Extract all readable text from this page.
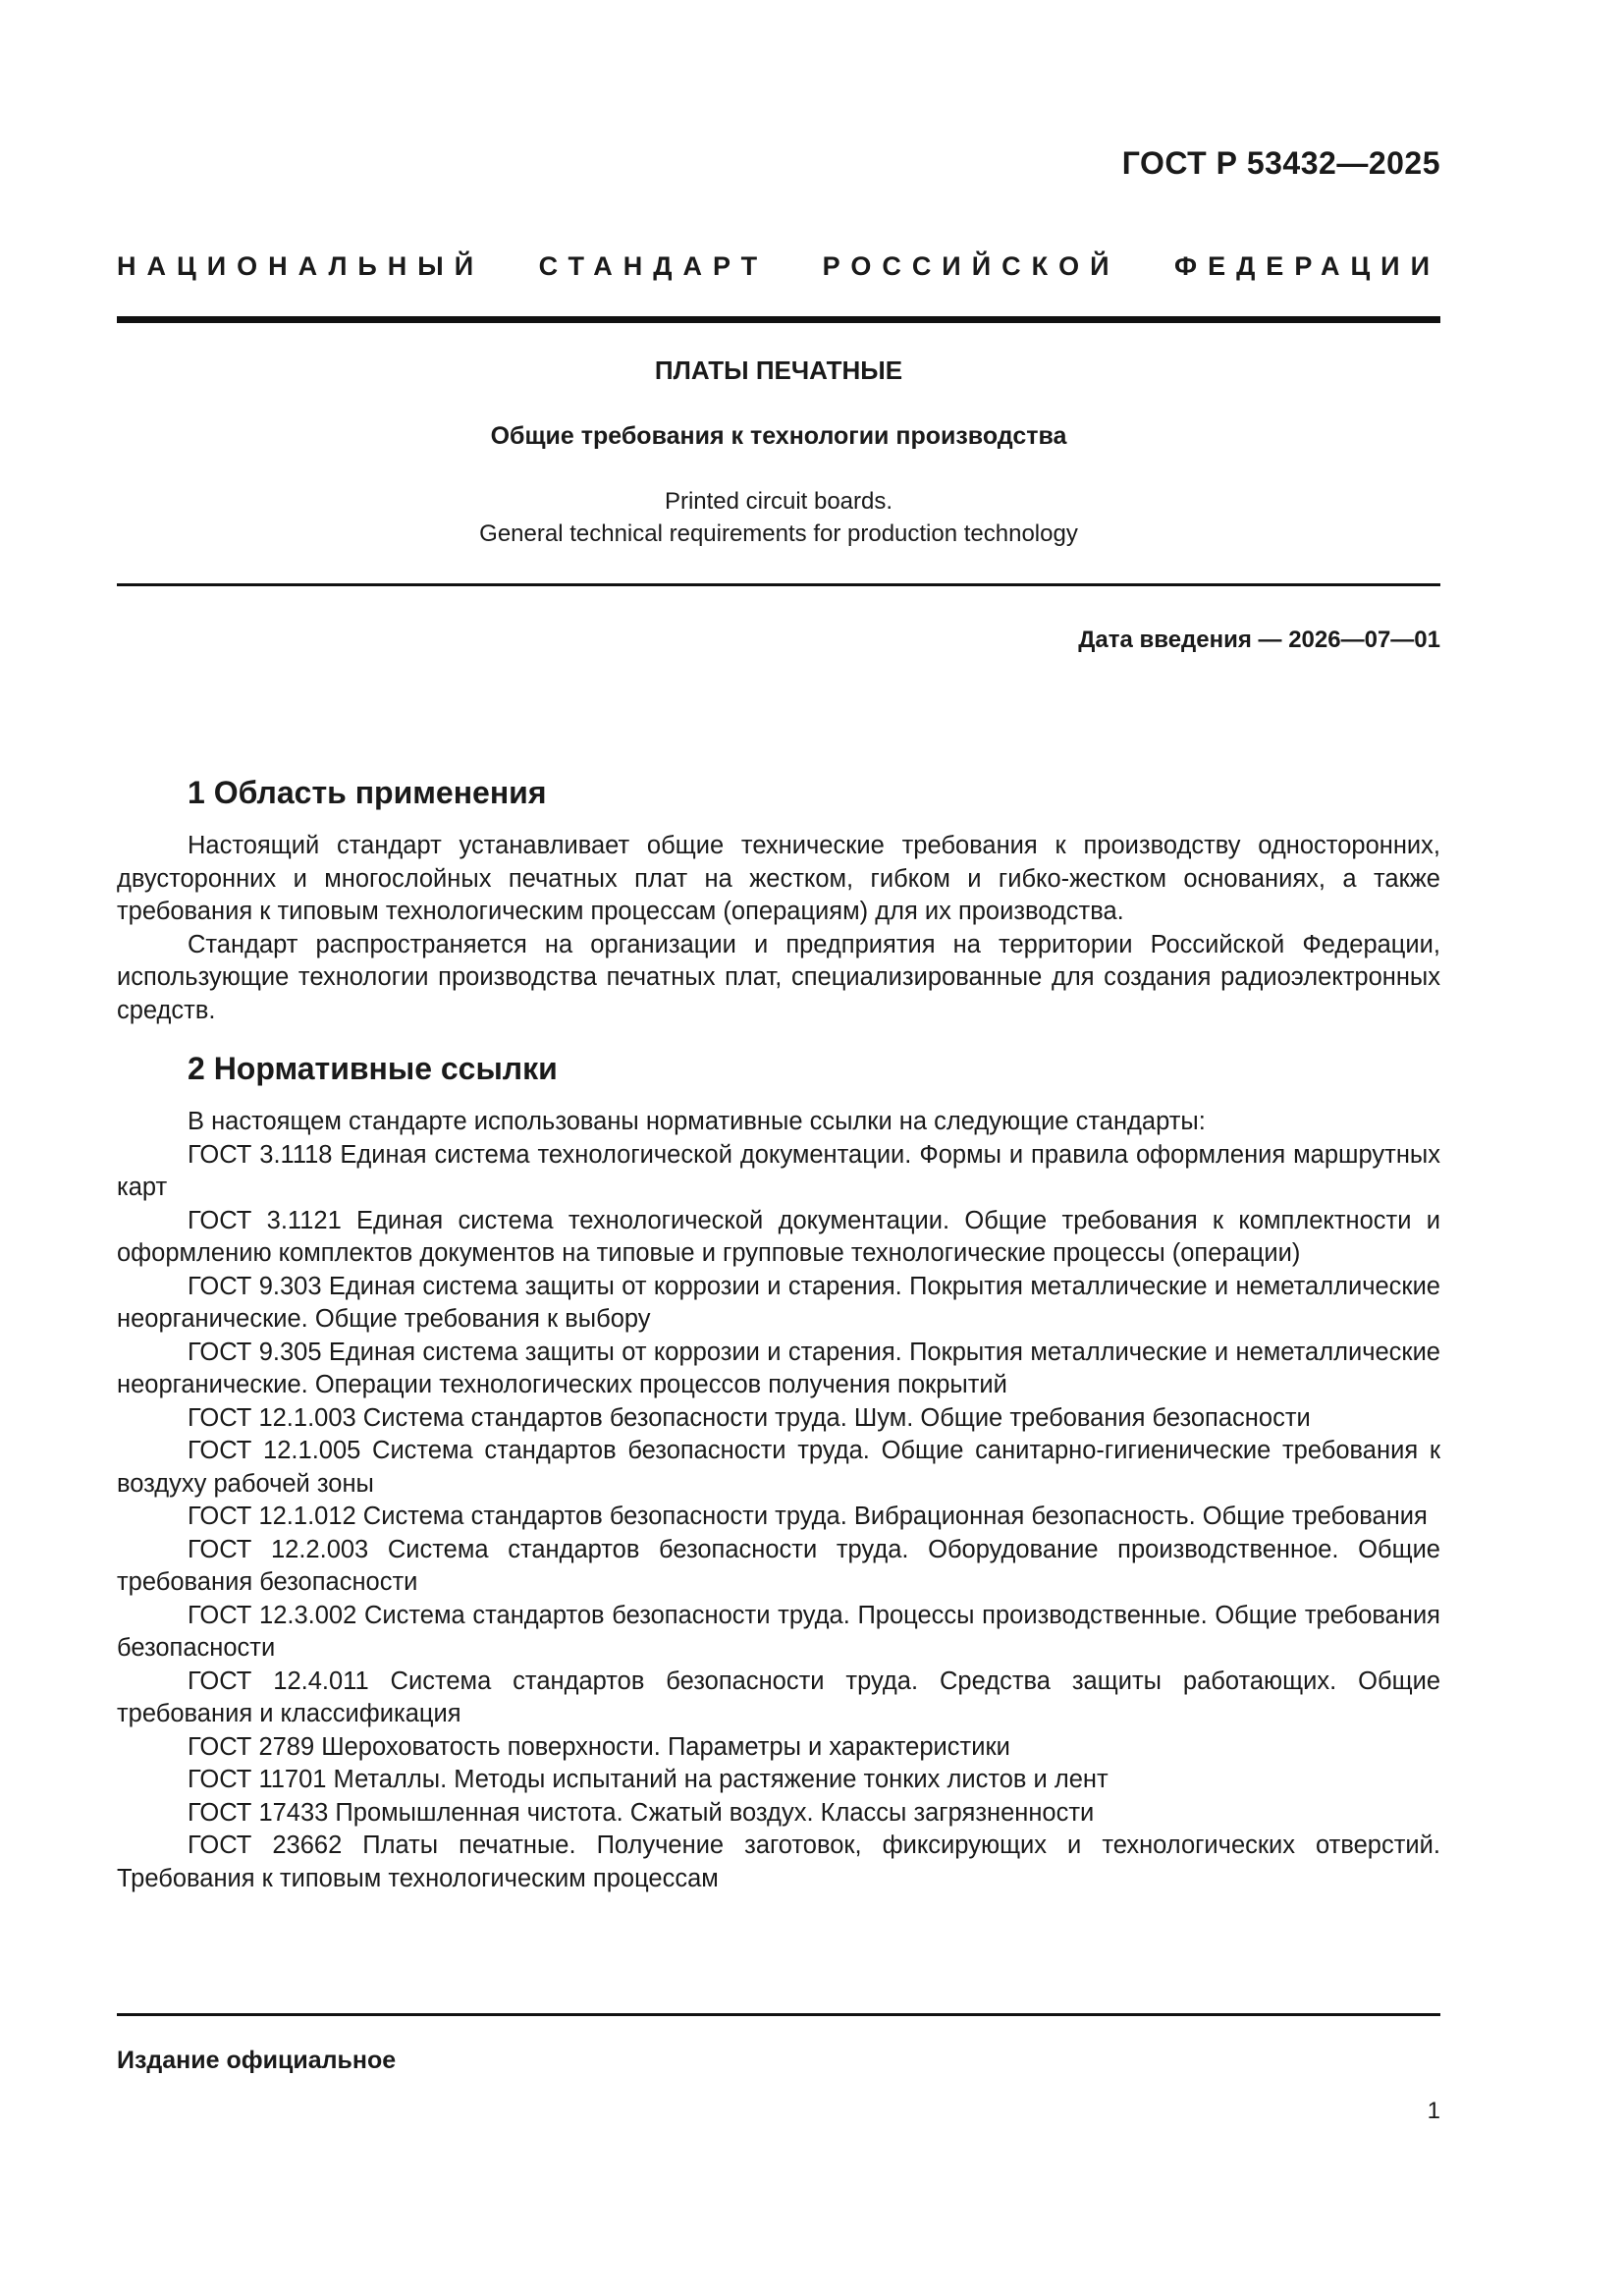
ГОСТ Р 53432—2025
НАЦИОНАЛЬНЫЙ СТАНДАРТ РОССИЙСКОЙ ФЕДЕРАЦИИ
ПЛАТЫ ПЕЧАТНЫЕ
Общие требования к технологии производства
Printed circuit boards.
General technical requirements for production technology
Дата введения — 2026—07—01
1 Область применения

Настоящий стандарт устанавливает общие технические требования к производству односторонних, двусторонних и многослойных печатных плат на жестком, гибком и гибко-жестком основаниях, а также требования к типовым технологическим процессам (операциям) для их производства.

Стандарт распространяется на организации и предприятия на территории Российской Федерации, использующие технологии производства печатных плат, специализированные для создания радиоэлектронных средств.

2 Нормативные ссылки

В настоящем стандарте использованы нормативные ссылки на следующие стандарты:

ГОСТ 3.1118 Единая система технологической документации. Формы и правила оформления маршрутных карт

ГОСТ 3.1121 Единая система технологической документации. Общие требования к комплектности и оформлению комплектов документов на типовые и групповые технологические процессы (операции)

ГОСТ 9.303 Единая система защиты от коррозии и старения. Покрытия металлические и неметаллические неорганические. Общие требования к выбору

ГОСТ 9.305 Единая система защиты от коррозии и старения. Покрытия металлические и неметаллические неорганические. Операции технологических процессов получения покрытий

ГОСТ 12.1.003 Система стандартов безопасности труда. Шум. Общие требования безопасности

ГОСТ 12.1.005 Система стандартов безопасности труда. Общие санитарно-гигиенические требования к воздуху рабочей зоны

ГОСТ 12.1.012 Система стандартов безопасности труда. Вибрационная безопасность. Общие требования

ГОСТ 12.2.003 Система стандартов безопасности труда. Оборудование производственное. Общие требования безопасности

ГОСТ 12.3.002 Система стандартов безопасности труда. Процессы производственные. Общие требования безопасности

ГОСТ 12.4.011 Система стандартов безопасности труда. Средства защиты работающих. Общие требования и классификация

ГОСТ 2789 Шероховатость поверхности. Параметры и характеристики

ГОСТ 11701 Металлы. Методы испытаний на растяжение тонких листов и лент

ГОСТ 17433 Промышленная чистота. Сжатый воздух. Классы загрязненности

ГОСТ 23662 Платы печатные. Получение заготовок, фиксирующих и технологических отверстий. Требования к типовым технологическим процессам

Издание официальное
1
